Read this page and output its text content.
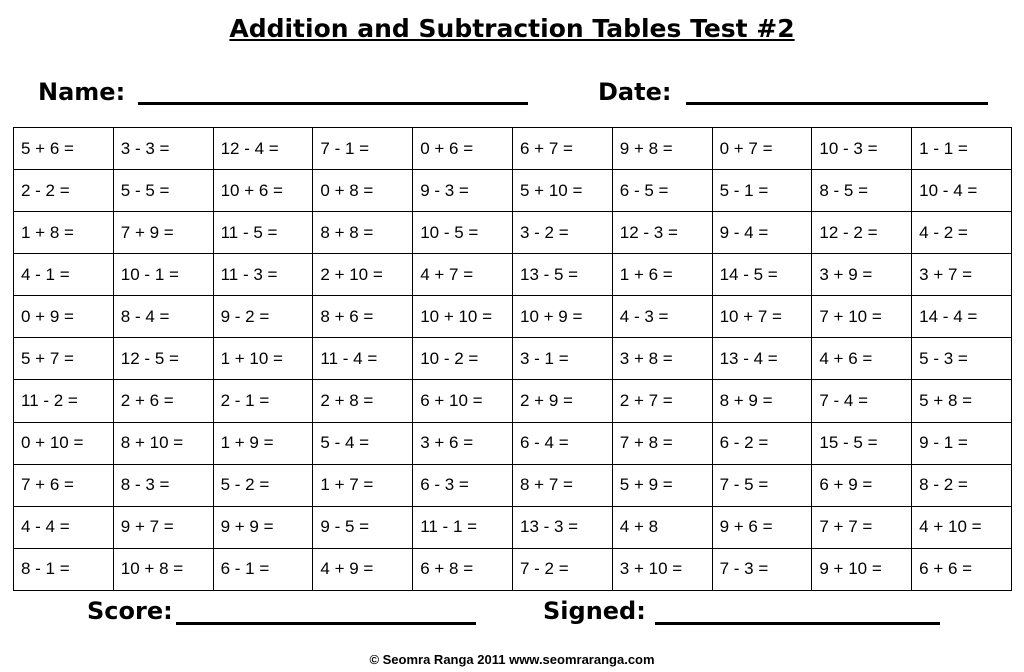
Addition and Subtraction Tables Test #2
Name:	Date:
5 + 6 =	3 - 3 =	12 - 4 =	7 - 1 =	0 + 6 =	6 + 7 =	9 + 8 =	0 + 7 =	10 - 3 =	1 - 1 =
2 - 2 =	5 - 5 =	10 + 6 =	0 + 8 =	9 - 3 =	5 + 10 =	6 - 5 =	5 - 1 =	8 - 5 =	10 - 4 =
1 + 8 =	7 + 9 =	11 - 5 =	8 + 8 =	10 - 5 =	3 - 2 =	12 - 3 =	9 - 4 =	12 - 2 =	4 - 2 =
4 - 1 =	10 - 1 =	11 - 3 =	2 + 10 =	4 + 7 =	13 - 5 =	1 + 6 =	14 - 5 =	3 + 9 =	3 + 7 =
0 + 9 =	8 - 4 =	9 - 2 =	8 + 6 =	10 + 10 =	10 + 9 =	4 - 3 =	10 + 7 =	7 + 10 =	14 - 4 =
5 + 7 =	12 - 5 =	1 + 10 =	11 - 4 =	10 - 2 =	3 - 1 =	3 + 8 =	13 - 4 =	4 + 6 =	5 - 3 =
11 - 2 =	2 + 6 =	2 - 1 =	2 + 8 =	6 + 10 =	2 + 9 =	2 + 7 =	8 + 9 =	7 - 4 =	5 + 8 =
0 + 10 =	8 + 10 =	1 + 9 =	5 - 4 =	3 + 6 =	6 - 4 =	7 + 8 =	6 - 2 =	15 - 5 =	9 - 1 =
7 + 6 =	8 - 3 =	5 - 2 =	1 + 7 =	6 - 3 =	8 + 7 =	5 + 9 =	7 - 5 =	6 + 9 =	8 - 2 =
4 - 4 =	9 + 7 =	9 + 9 =	9 - 5 =	11 - 1 =	13 - 3 =	4 + 8	9 + 6 =	7 + 7 =	4 + 10 =
8 - 1 =	10 + 8 =	6 - 1 =	4 + 9 =	6 + 8 =	7 - 2 =	3 + 10 =	7 - 3 =	9 + 10 =	6 + 6 =
Score:	Signed:
© Seomra Ranga 2011 www.seomraranga.com
